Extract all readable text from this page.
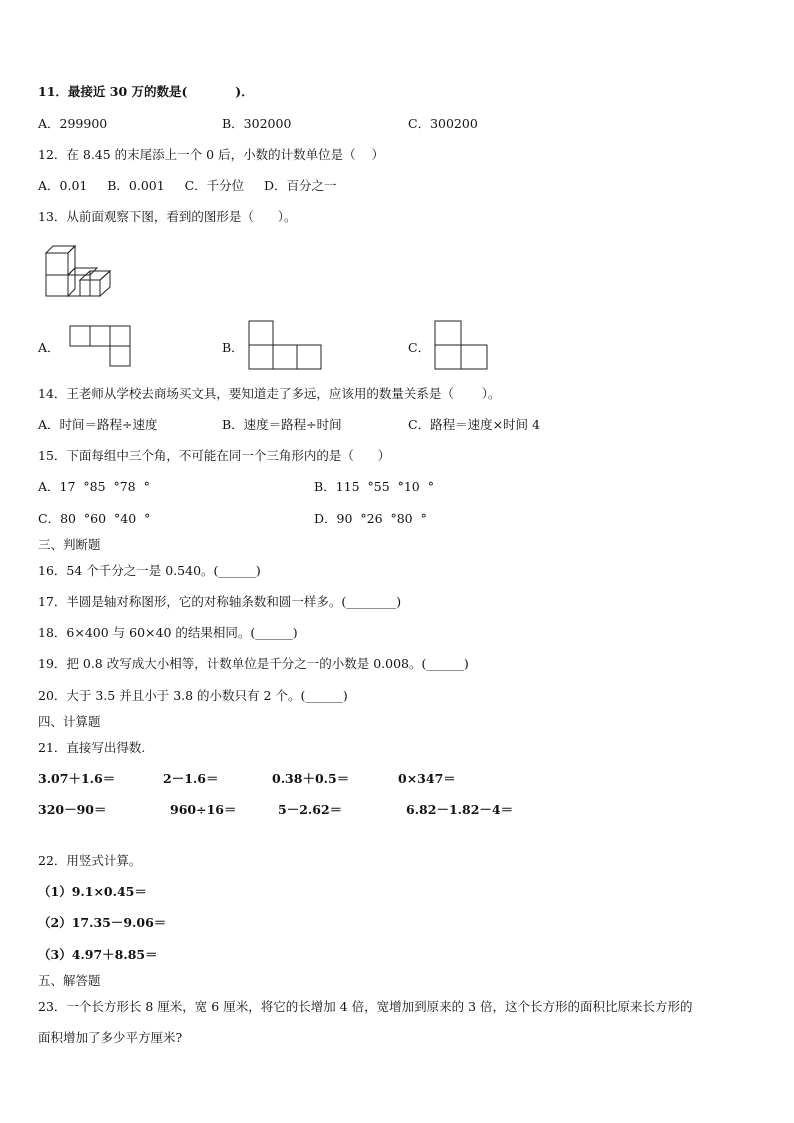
11．最接近 30 万的数是(           )．
A．299900	B．302000	C．300200
12．在 8.45 的末尾添上一个 0 后，小数的计数单位是（    ）
A．0.01     B．0.001     C．千分位     D．百分之一
13．从前面观察下图，看到的图形是（      ）。
A．	B．	C．
14．王老师从学校去商场买文具，要知道走了多远，应该用的数量关系是（       ）。
A．时间＝路程÷速度	B．速度＝路程÷时间	C．路程＝速度×时间 4
15．下面每组中三个角，不可能在同一个三角形内的是（      ）
A．17  °85  °78  °	B．115  °55  °10  °
C．80  °60  °40  °	D．90  °26  °80  °
三、判断题
16．54 个千分之一是 0.540。(______)
17．半圆是轴对称图形，它的对称轴条数和圆一样多。(________)
18．6×400 与 60×40 的结果相同。(______)
19．把 0.8 改写成大小相等，计数单位是千分之一的小数是 0.008。(______)
20．大于 3.5 并且小于 3.8 的小数只有 2 个。(______)
四、计算题
21．直接写出得数.
3.07＋1.6＝	2－1.6＝	0.38＋0.5＝	0×347＝
320－90＝	960÷16＝	5－2.62＝	6.82－1.82－4＝
22．用竖式计算。
（1）9.1×0.45＝
（2）17.35－9.06＝
（3）4.97＋8.85＝
五、解答题
23．一个长方形长 8 厘米，宽 6 厘米，将它的长增加 4 倍，宽增加到原来的 3 倍，这个长方形的面积比原来长方形的
面积增加了多少平方厘米?
